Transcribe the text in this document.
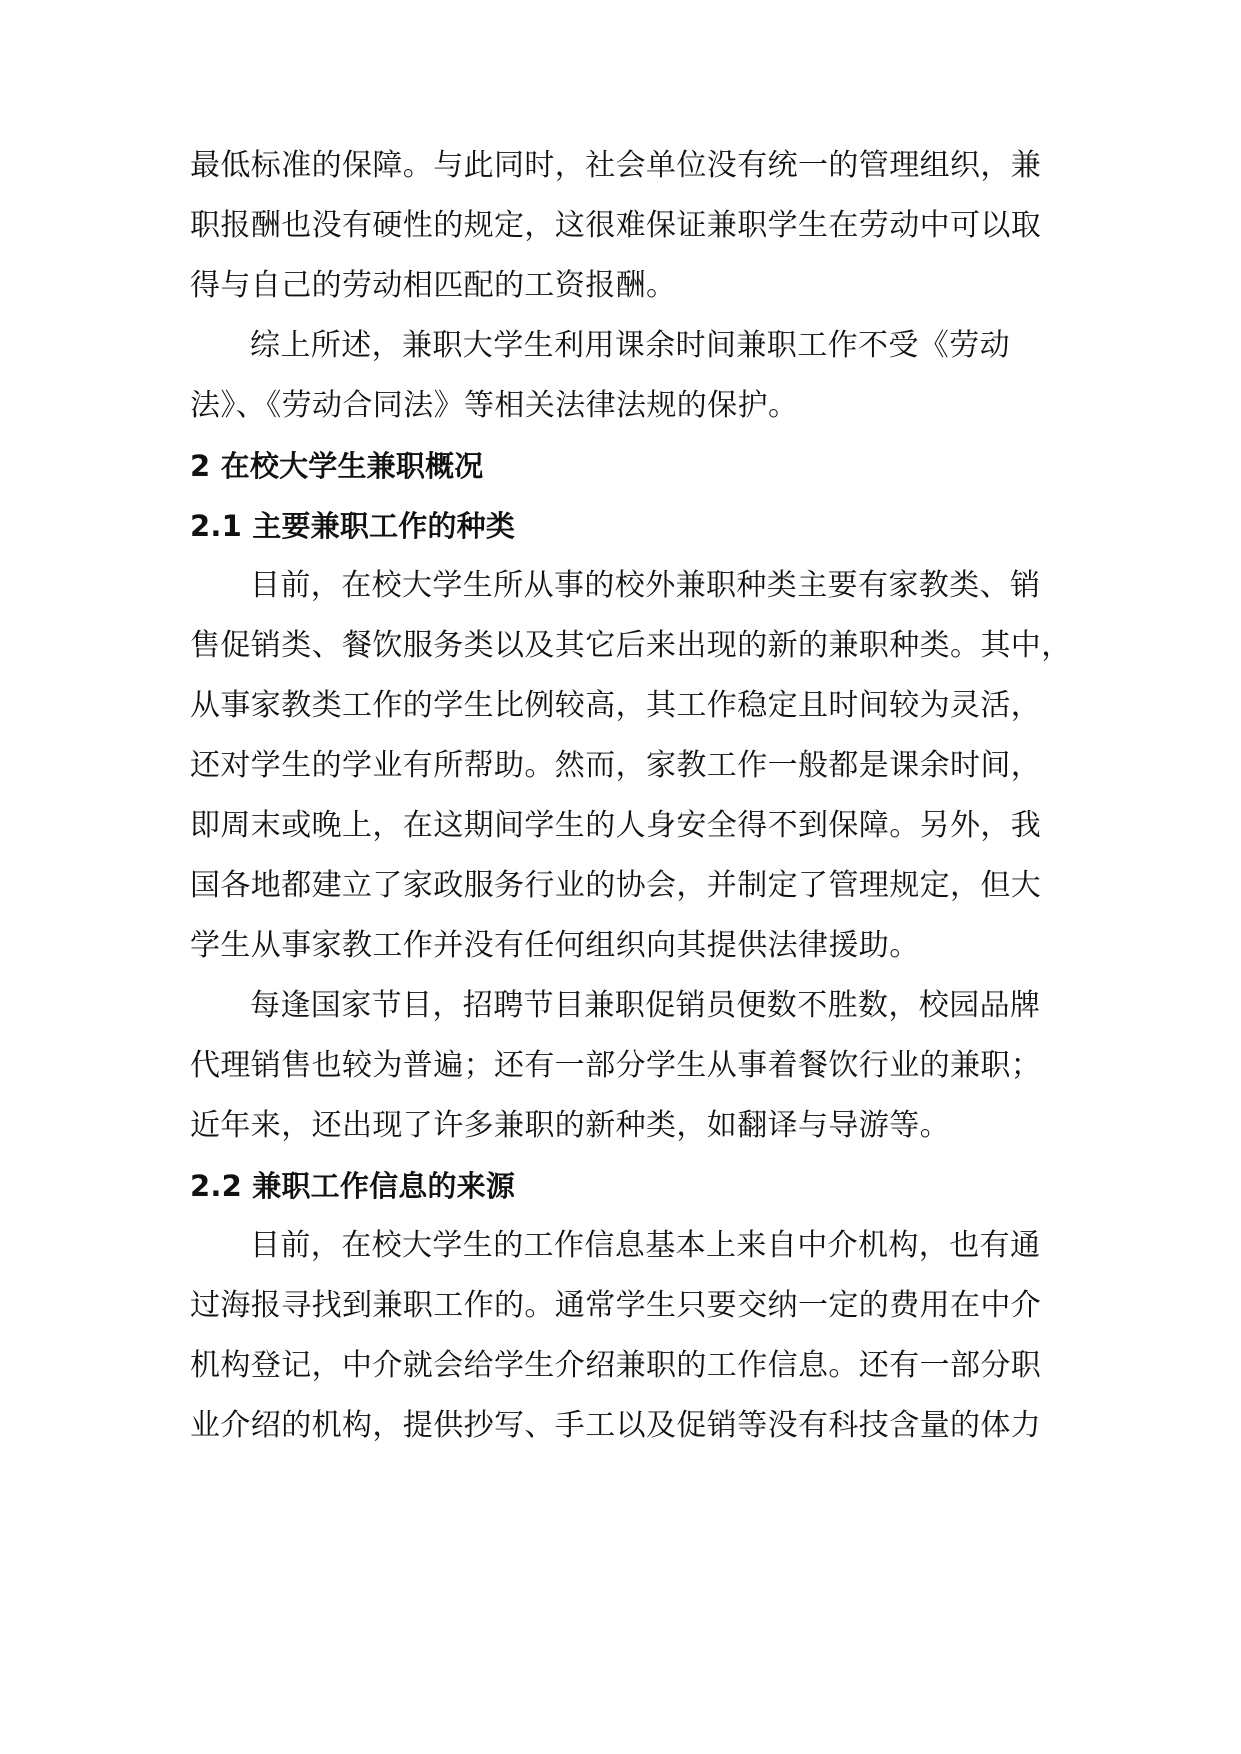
最低标准的保障。与此同时，社会单位没有统一的管理组织，兼
职报酬也没有硬性的规定，这很难保证兼职学生在劳动中可以取
得与自己的劳动相匹配的工资报酬。
综上所述，兼职大学生利用课余时间兼职工作不受《劳动
法》、《劳动合同法》等相关法律法规的保护。
2 在校大学生兼职概况
2.1 主要兼职工作的种类
目前，在校大学生所从事的校外兼职种类主要有家教类、销
售促销类、餐饮服务类以及其它后来出现的新的兼职种类。其中，
从事家教类工作的学生比例较高，其工作稳定且时间较为灵活，
还对学生的学业有所帮助。然而，家教工作一般都是课余时间，
即周末或晚上，在这期间学生的人身安全得不到保障。另外，我
国各地都建立了家政服务行业的协会，并制定了管理规定，但大
学生从事家教工作并没有任何组织向其提供法律援助。
每逢国家节目，招聘节目兼职促销员便数不胜数，校园品牌
代理销售也较为普遍；还有一部分学生从事着餐饮行业的兼职；
近年来，还出现了许多兼职的新种类，如翻译与导游等。
2.2 兼职工作信息的来源
目前，在校大学生的工作信息基本上来自中介机构，也有通
过海报寻找到兼职工作的。通常学生只要交纳一定的费用在中介
机构登记，中介就会给学生介绍兼职的工作信息。还有一部分职
业介绍的机构，提供抄写、手工以及促销等没有科技含量的体力
